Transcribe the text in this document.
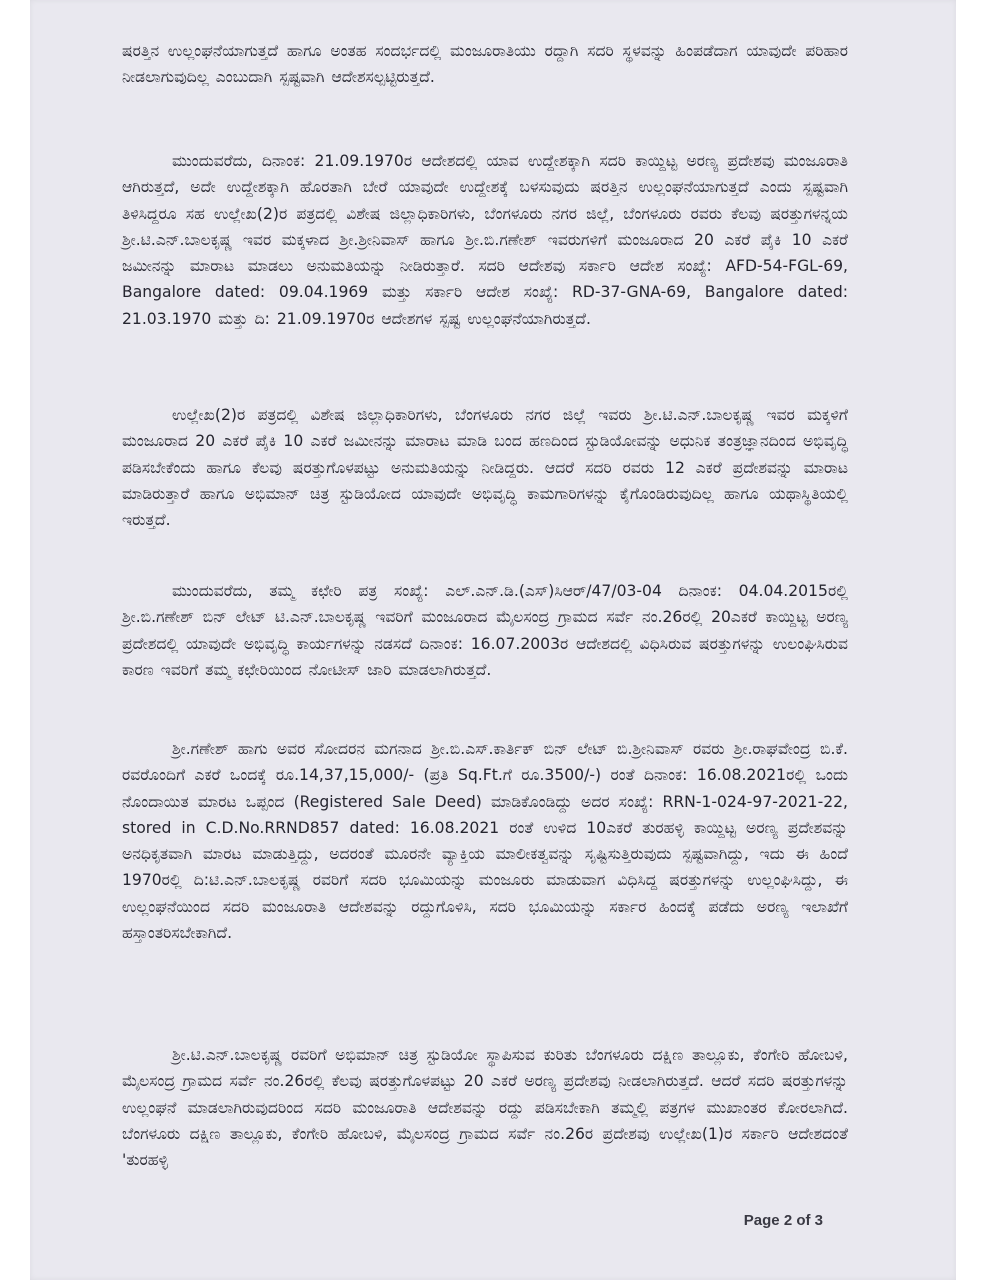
ಷರತ್ತಿನ ಉಲ್ಲಂಘನೆಯಾಗುತ್ತದೆ ಹಾಗೂ ಅಂತಹ ಸಂದರ್ಭದಲ್ಲಿ ಮಂಜೂರಾತಿಯು ರದ್ದಾಗಿ ಸದರಿ ಸ್ಥಳವನ್ನು ಹಿಂಪಡೆದಾಗ ಯಾವುದೇ ಪರಿಹಾರ ನೀಡಲಾಗುವುದಿಲ್ಲ ಎಂಬುದಾಗಿ ಸ್ಪಷ್ಟವಾಗಿ ಆದೇಶಸಲ್ಪಟ್ಟಿರುತ್ತದೆ.
ಮುಂದುವರೆದು, ದಿನಾಂಕ: 21.09.1970ರ ಆದೇಶದಲ್ಲಿ ಯಾವ ಉದ್ದೇಶಕ್ಕಾಗಿ ಸದರಿ ಕಾಯ್ದಿಟ್ಟ ಅರಣ್ಯ ಪ್ರದೇಶವು ಮಂಜೂರಾತಿ ಆಗಿರುತ್ತದೆ, ಅದೇ ಉದ್ದೇಶಕ್ಕಾಗಿ ಹೊರತಾಗಿ ಬೇರೆ ಯಾವುದೇ ಉದ್ದೇಶಕ್ಕೆ ಬಳಸುವುದು ಷರತ್ತಿನ ಉಲ್ಲಂಘನೆಯಾಗುತ್ತದೆ ಎಂದು ಸ್ಪಷ್ಟವಾಗಿ ತಿಳಿಸಿದ್ದರೂ ಸಹ ಉಲ್ಲೇಖ(2)ರ ಪತ್ರದಲ್ಲಿ ವಿಶೇಷ ಜಿಲ್ಲಾಧಿಕಾರಿಗಳು, ಬೆಂಗಳೂರು ನಗರ ಜಿಲ್ಲೆ, ಬೆಂಗಳೂರು ರವರು ಕೆಲವು ಷರತ್ತುಗಳನ್ನಯ ಶ್ರೀ.ಟಿ.ಎನ್.ಬಾಲಕೃಷ್ಣ ಇವರ ಮಕ್ಕಳಾದ ಶ್ರೀ.ಶ್ರೀನಿವಾಸ್ ಹಾಗೂ ಶ್ರೀ.ಬಿ.ಗಣೇಶ್ ಇವರುಗಳಿಗೆ ಮಂಜೂರಾದ 20 ಎಕರೆ ಪೈಕಿ 10 ಎಕರೆ ಜಮೀನನ್ನು ಮಾರಾಟ ಮಾಡಲು ಅನುಮತಿಯನ್ನು ನೀಡಿರುತ್ತಾರೆ. ಸದರಿ ಆದೇಶವು ಸರ್ಕಾರಿ ಆದೇಶ ಸಂಖ್ಯೆ: AFD-54-FGL-69, Bangalore dated: 09.04.1969 ಮತ್ತು ಸರ್ಕಾರಿ ಆದೇಶ ಸಂಖ್ಯೆ: RD-37-GNA-69, Bangalore dated: 21.03.1970 ಮತ್ತು ದಿ: 21.09.1970ರ ಆದೇಶಗಳ ಸ್ಪಷ್ಟ ಉಲ್ಲಂಘನೆಯಾಗಿರುತ್ತದೆ.
ಉಲ್ಲೇಖ(2)ರ ಪತ್ರದಲ್ಲಿ ವಿಶೇಷ ಜಿಲ್ಲಾಧಿಕಾರಿಗಳು, ಬೆಂಗಳೂರು ನಗರ ಜಿಲ್ಲೆ ಇವರು ಶ್ರೀ.ಟಿ.ಎನ್.ಬಾಲಕೃಷ್ಣ ಇವರ ಮಕ್ಕಳಿಗೆ ಮಂಜೂರಾದ 20 ಎಕರೆ ಪೈಕಿ 10 ಎಕರೆ ಜಮೀನನ್ನು ಮಾರಾಟ ಮಾಡಿ ಬಂದ ಹಣದಿಂದ ಸ್ಟುಡಿಯೋವನ್ನು ಅಧುನಿಕ ತಂತ್ರಜ್ಞಾನದಿಂದ ಅಭಿವೃದ್ಧಿ ಪಡಿಸಬೇಕೆಂದು ಹಾಗೂ ಕೆಲವು ಷರತ್ತುಗೊಳಪಟ್ಟು ಅನುಮತಿಯನ್ನು ನೀಡಿದ್ದರು. ಆದರೆ ಸದರಿ ರವರು 12 ಎಕರೆ ಪ್ರದೇಶವನ್ನು ಮಾರಾಟ ಮಾಡಿರುತ್ತಾರೆ ಹಾಗೂ ಅಭಿಮಾನ್ ಚಿತ್ರ ಸ್ಟುಡಿಯೋದ ಯಾವುದೇ ಅಭಿವೃದ್ಧಿ ಕಾಮಗಾರಿಗಳನ್ನು ಕೈಗೊಂಡಿರುವುದಿಲ್ಲ ಹಾಗೂ ಯಥಾಸ್ಥಿತಿಯಲ್ಲಿ ಇರುತ್ತದೆ.
ಮುಂದುವರೆದು, ತಮ್ಮ ಕಛೇರಿ ಪತ್ರ ಸಂಖ್ಯೆ: ಎಲ್.ಎನ್.ಡಿ.(ಎಸ್)ಸಿಆರ್/47/03-04 ದಿನಾಂಕ: 04.04.2015ರಲ್ಲಿ ಶ್ರೀ.ಬಿ.ಗಣೇಶ್ ಬಿನ್ ಲೇಟ್ ಟಿ.ಎನ್.ಬಾಲಕೃಷ್ಣ ಇವರಿಗೆ ಮಂಜೂರಾದ ಮೈಲಸಂದ್ರ ಗ್ರಾಮದ ಸರ್ವೆ ನಂ.26ರಲ್ಲಿ 20ಎಕರೆ ಕಾಯ್ದಿಟ್ಟ ಅರಣ್ಯ ಪ್ರದೇಶದಲ್ಲಿ ಯಾವುದೇ ಅಭಿವೃದ್ಧಿ ಕಾರ್ಯಗಳನ್ನು ನಡಸದೆ ದಿನಾಂಕ: 16.07.2003ರ ಆದೇಶದಲ್ಲಿ ವಿಧಿಸಿರುವ ಷರತ್ತುಗಳನ್ನು ಉಲಂಘಿಸಿರುವ ಕಾರಣ ಇವರಿಗೆ ತಮ್ಮ ಕಛೇರಿಯಿಂದ ನೋಟೀಸ್ ಜಾರಿ ಮಾಡಲಾಗಿರುತ್ತದೆ.
ಶ್ರೀ.ಗಣೇಶ್ ಹಾಗು ಅವರ ಸೋದರನ ಮಗನಾದ ಶ್ರೀ.ಬಿ.ಎಸ್.ಕಾರ್ತಿಕ್ ಬಿನ್ ಲೇಟ್ ಬಿ.ಶ್ರೀನಿವಾಸ್ ರವರು ಶ್ರೀ.ರಾಘವೇಂದ್ರ ಬಿ.ಕೆ. ರವರೊಂದಿಗೆ ಎಕರೆ ಒಂದಕ್ಕೆ ರೂ.14,37,15,000/- (ಪ್ರತಿ Sq.Ft.ಗೆ ರೂ.3500/-) ರಂತೆ ದಿನಾಂಕ: 16.08.2021ರಲ್ಲಿ ಒಂದು ನೊಂದಾಯಿತ ಮಾರಟ ಒಪ್ಪಂದ (Registered Sale Deed) ಮಾಡಿಕೊಂಡಿದ್ದು ಅದರ ಸಂಖ್ಯೆ: RRN-1-024-97-2021-22, stored in C.D.No.RRND857 dated: 16.08.2021 ರಂತೆ ಉಳಿದ 10ಎಕರೆ ತುರಹಳ್ಳಿ ಕಾಯ್ದಿಟ್ಟ ಅರಣ್ಯ ಪ್ರದೇಶವನ್ನು ಅನಧಿಕೃತವಾಗಿ ಮಾರಟ ಮಾಡುತ್ತಿದ್ದು, ಅದರಂತೆ ಮೂರನೇ ವ್ಯಾಕ್ತಿಯ ಮಾಲೀಕತ್ವವನ್ನು ಸೃಷ್ಟಿಸುತ್ತಿರುವುದು ಸ್ಪಷ್ಟವಾಗಿದ್ದು, ಇದು ಈ ಹಿಂದೆ 1970ರಲ್ಲಿ ದಿ:ಟಿ.ಎನ್.ಬಾಲಕೃಷ್ಣ ರವರಿಗೆ ಸದರಿ ಭೂಮಿಯನ್ನು ಮಂಜೂರು ಮಾಡುವಾಗ ವಿಧಿಸಿದ್ದ ಷರತ್ತುಗಳನ್ನು ಉಲ್ಲಂಘಿಸಿದ್ದು, ಈ ಉಲ್ಲಂಘನೆಯಿಂದ ಸದರಿ ಮಂಜೂರಾತಿ ಆದೇಶವನ್ನು ರದ್ದುಗೊಳಿಸಿ, ಸದರಿ ಭೂಮಿಯನ್ನು ಸರ್ಕಾರ ಹಿಂದಕ್ಕೆ ಪಡೆದು ಅರಣ್ಯ ಇಲಾಖೆಗೆ ಹಸ್ತಾಂತರಿಸಬೇಕಾಗಿದೆ.
ಶ್ರೀ.ಟಿ.ಎನ್.ಬಾಲಕೃಷ್ಣ ರವರಿಗೆ ಅಭಿಮಾನ್ ಚಿತ್ರ ಸ್ಟುಡಿಯೋ ಸ್ಥಾಪಿಸುವ ಕುರಿತು ಬೆಂಗಳೂರು ದಕ್ಷಿಣ ತಾಲ್ಲೂಕು, ಕೆಂಗೇರಿ ಹೋಬಳಿ, ಮೈಲಸಂದ್ರ ಗ್ರಾಮದ ಸರ್ವೆ ನಂ.26ರಲ್ಲಿ ಕೆಲವು ಷರತ್ತುಗೊಳಪಟ್ಟು 20 ಎಕರೆ ಅರಣ್ಯ ಪ್ರದೇಶವು ನೀಡಲಾಗಿರುತ್ತದೆ. ಆದರೆ ಸದರಿ ಷರತ್ತುಗಳನ್ನು ಉಲ್ಲಂಘನೆ ಮಾಡಲಾಗಿರುವುದರಿಂದ ಸದರಿ ಮಂಜೂರಾತಿ ಆದೇಶವನ್ನು ರದ್ದು ಪಡಿಸಬೇಕಾಗಿ ತಮ್ಮಲ್ಲಿ ಪತ್ರಗಳ ಮುಖಾಂತರ ಕೋರಲಾಗಿದೆ. ಬೆಂಗಳೂರು ದಕ್ಷಿಣ ತಾಲ್ಲೂಕು, ಕೆಂಗೇರಿ ಹೋಬಳಿ, ಮೈಲಸಂದ್ರ ಗ್ರಾಮದ ಸರ್ವೆ ನಂ.26ರ ಪ್ರದೇಶವು ಉಲ್ಲೇಖ(1)ರ ಸರ್ಕಾರಿ ಆದೇಶದಂತೆ 'ತುರಹಳ್ಳಿ
Page 2 of 3
